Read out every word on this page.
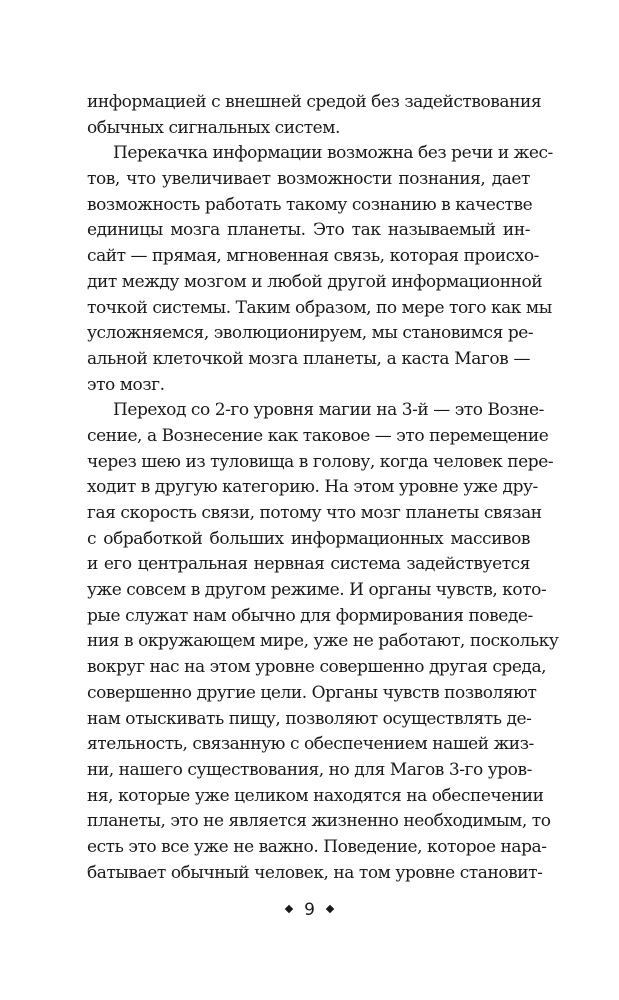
информацией с внешней средой без задействования
обычных сигнальных систем.
Перекачка информации возможна без речи и жес-
тов, что увеличивает возможности познания, дает
возможность работать такому сознанию в качестве
единицы мозга планеты. Это так называемый ин-
сайт — прямая, мгновенная связь, которая происхо-
дит между мозгом и любой другой информационной
точкой системы. Таким образом, по мере того как мы
усложняемся, эволюционируем, мы становимся ре-
альной клеточкой мозга планеты, а каста Магов —
это мозг.
Переход со 2-го уровня магии на 3-й — это Возне-
сение, а Вознесение как таковое — это перемещение
через шею из туловища в голову, когда человек пере-
ходит в другую категорию. На этом уровне уже дру-
гая скорость связи, потому что мозг планеты связан
с обработкой больших информационных массивов
и его центральная нервная система задействуется
уже совсем в другом режиме. И органы чувств, кото-
рые служат нам обычно для формирования поведе-
ния в окружающем мире, уже не работают, поскольку
вокруг нас на этом уровне совершенно другая среда,
совершенно другие цели. Органы чувств позволяют
нам отыскивать пищу, позволяют осуществлять де-
ятельность, связанную с обеспечением нашей жиз-
ни, нашего существования, но для Магов 3-го уров-
ня, которые уже целиком находятся на обеспечении
планеты, это не является жизненно необходимым, то
есть это все уже не важно. Поведение, которое нара-
батывает обычный человек, на том уровне становит-
9
